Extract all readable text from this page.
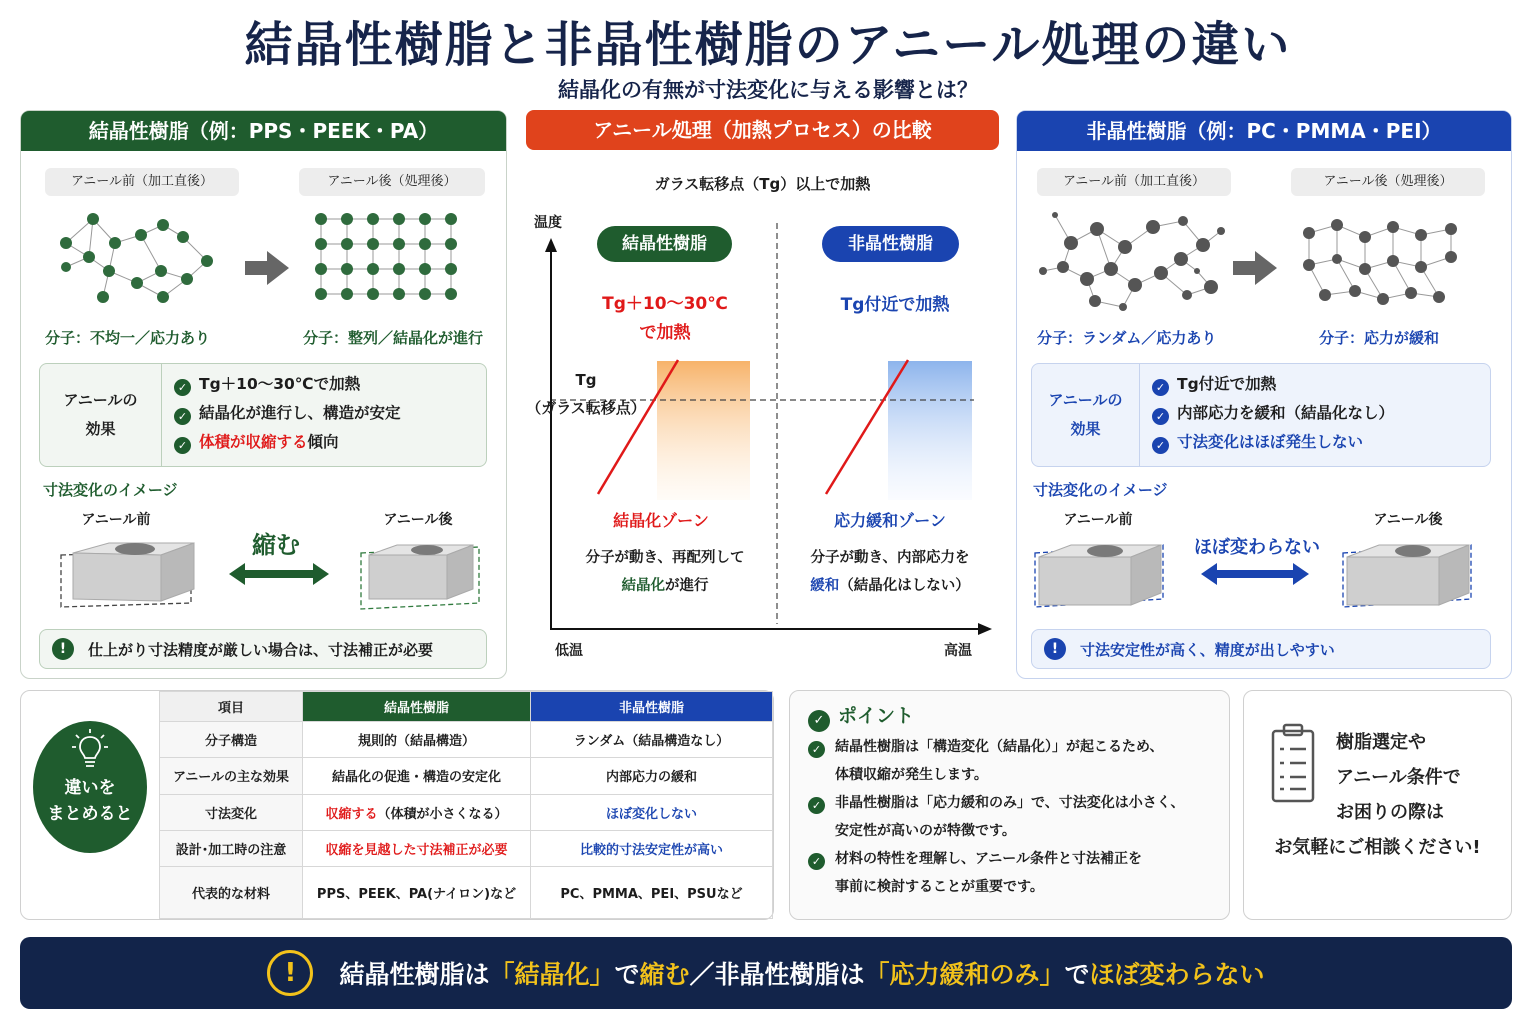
結晶性樹脂と非晶性樹脂のアニール処理の違い
結晶化の有無が寸法変化に与える影響とは？
結晶性樹脂（例：PPS・PEEK・PA）
アニール前（加工直後）	アニール後（処理後）
分子：不均一／応力あり	分子：整列／結晶化が進行
アニールの
効果
✓ Tg＋10〜30℃で加熱
✓ 結晶化が進行し、構造が安定
✓ 体積が収縮する傾向
寸法変化のイメージ
アニール前	アニール後
縮む
!	仕上がり寸法精度が厳しい場合は、寸法補正が必要
アニール処理（加熱プロセス）の比較
ガラス転移点（Tg）以上で加熱
温度
低温	高温
Tg
（ガラス転移点）
結晶性樹脂	非晶性樹脂
Tg＋10〜30℃
で加熱
Tg付近で加熱
結晶化ゾーン	応力緩和ゾーン
分子が動き、再配列して
結晶化が進行
分子が動き、内部応力を
緩和（結晶化はしない）
非晶性樹脂（例：PC・PMMA・PEI）
アニール前（加工直後）	アニール後（処理後）
分子：ランダム／応力あり	分子：応力が緩和
アニールの
効果
✓ Tg付近で加熱
✓ 内部応力を緩和（結晶化なし）
✓ 寸法変化はほぼ発生しない
寸法変化のイメージ
アニール前	アニール後
ほぼ変わらない
!	寸法安定性が高く、精度が出しやすい
違いを
まとめると
項目	結晶性樹脂	非晶性樹脂
分子構造	規則的（結晶構造）	ランダム（結晶構造なし）
アニールの主な効果	結晶化の促進・構造の安定化	内部応力の緩和
寸法変化	収縮する（体積が小さくなる）	ほぼ変化しない
設計･加工時の注意	収縮を見越した寸法補正が必要	比較的寸法安定性が高い
代表的な材料	PPS、PEEK、PA(ナイロン)など	PC、PMMA、PEI、PSUなど
✓ ポイント
✓ 結晶性樹脂は「構造変化（結晶化）」が起こるため、
体積収縮が発生します。
✓ 非晶性樹脂は「応力緩和のみ」で、寸法変化は小さく、
安定性が高いのが特徴です。
✓ 材料の特性を理解し、アニール条件と寸法補正を
事前に検討することが重要です。
樹脂選定や
アニール条件で
お困りの際は
お気軽にご相談ください!
!	結晶性樹脂は 「結晶化」 で 縮む ／非晶性樹脂は 「応力緩和のみ」 で ほぼ変わらない
